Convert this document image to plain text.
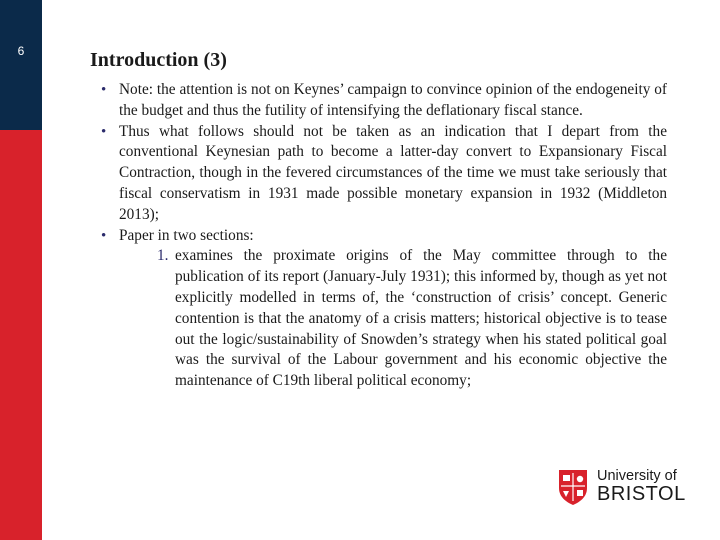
6	Introduction (3)
• Note: the attention is not on Keynes’ campaign to convince opinion of the endogeneity of the budget and thus the futility of intensifying the deflationary fiscal stance.
• Thus what follows should not be taken as an indication that I depart from the conventional Keynesian path to become a latter-day convert to Expansionary Fiscal Contraction, though in the fevered circumstances of the time we must take seriously that fiscal conservatism in 1931 made possible monetary expansion in 1932 (Middleton 2013);
• Paper in two sections:
1. examines the proximate origins of the May committee through to the publication of its report (January-July 1931); this informed by, though as yet not explicitly modelled in terms of, the ‘construction of crisis’ concept. Generic contention is that the anatomy of a crisis matters; historical objective is to tease out the logic/sustainability of Snowden’s strategy when his stated political goal was the survival of the Labour government and his economic objective the maintenance of C19th liberal political economy;
University of
BRISTOL
